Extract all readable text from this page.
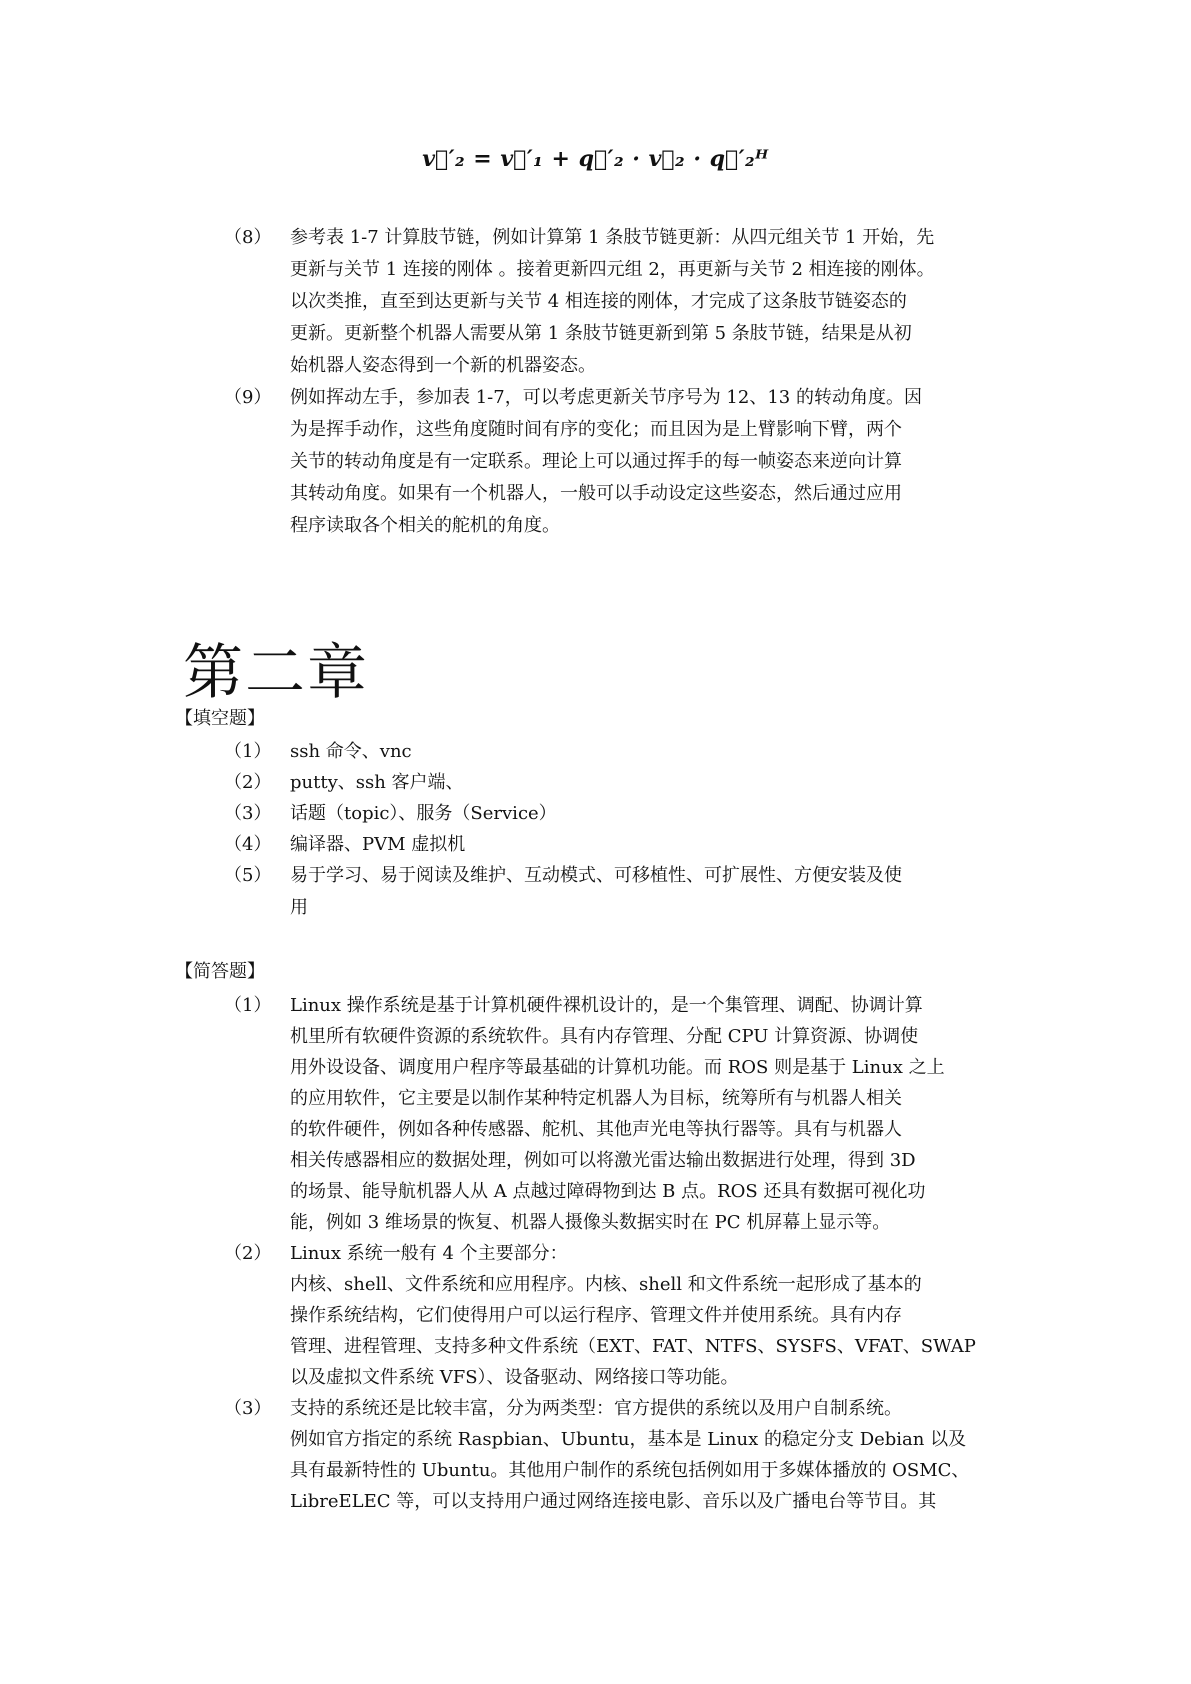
v⃗′₂ = v⃗′₁ + q⃗′₂ · v⃗₂ · q⃗′₂ᴴ
（8）	参考表 1-7 计算肢节链，例如计算第 1 条肢节链更新：从四元组关节 1 开始，先

更新与关节 1 连接的刚体 。接着更新四元组 2，再更新与关节 2 相连接的刚体。

以次类推，直至到达更新与关节 4 相连接的刚体，才完成了这条肢节链姿态的

更新。更新整个机器人需要从第 1 条肢节链更新到第 5 条肢节链，结果是从初

始机器人姿态得到一个新的机器姿态。

（9）	例如挥动左手，参加表 1-7，可以考虑更新关节序号为 12、13 的转动角度。因

为是挥手动作，这些角度随时间有序的变化；而且因为是上臂影响下臂，两个

关节的转动角度是有一定联系。理论上可以通过挥手的每一帧姿态来逆向计算

其转动角度。如果有一个机器人，一般可以手动设定这些姿态，然后通过应用

程序读取各个相关的舵机的角度。

第二章
【填空题】
（1）	ssh 命令、vnc

（2）	putty、ssh 客户端、

（3）	话题（topic）、服务（Service）

（4）	编译器、PVM 虚拟机

（5）	易于学习、易于阅读及维护、互动模式、可移植性、可扩展性、方便安装及使

用

【简答题】
（1）	Linux 操作系统是基于计算机硬件裸机设计的，是一个集管理、调配、协调计算

机里所有软硬件资源的系统软件。具有内存管理、分配 CPU 计算资源、协调使

用外设设备、调度用户程序等最基础的计算机功能。而 ROS 则是基于 Linux 之上

的应用软件，它主要是以制作某种特定机器人为目标，统筹所有与机器人相关

的软件硬件，例如各种传感器、舵机、其他声光电等执行器等。具有与机器人

相关传感器相应的数据处理，例如可以将激光雷达输出数据进行处理，得到 3D

的场景、能导航机器人从 A 点越过障碍物到达 B 点。ROS 还具有数据可视化功

能，例如 3 维场景的恢复、机器人摄像头数据实时在 PC 机屏幕上显示等。

（2）	Linux 系统一般有 4 个主要部分：

内核、shell、文件系统和应用程序。内核、shell 和文件系统一起形成了基本的

操作系统结构，它们使得用户可以运行程序、管理文件并使用系统。具有内存

管理、进程管理、支持多种文件系统（EXT、FAT、NTFS、SYSFS、VFAT、SWAP

以及虚拟文件系统 VFS）、设备驱动、网络接口等功能。

（3）	支持的系统还是比较丰富，分为两类型：官方提供的系统以及用户自制系统。

例如官方指定的系统 Raspbian、Ubuntu，基本是 Linux 的稳定分支 Debian 以及

具有最新特性的 Ubuntu。其他用户制作的系统包括例如用于多媒体播放的 OSMC、

LibreELEC 等，可以支持用户通过网络连接电影、音乐以及广播电台等节目。其
